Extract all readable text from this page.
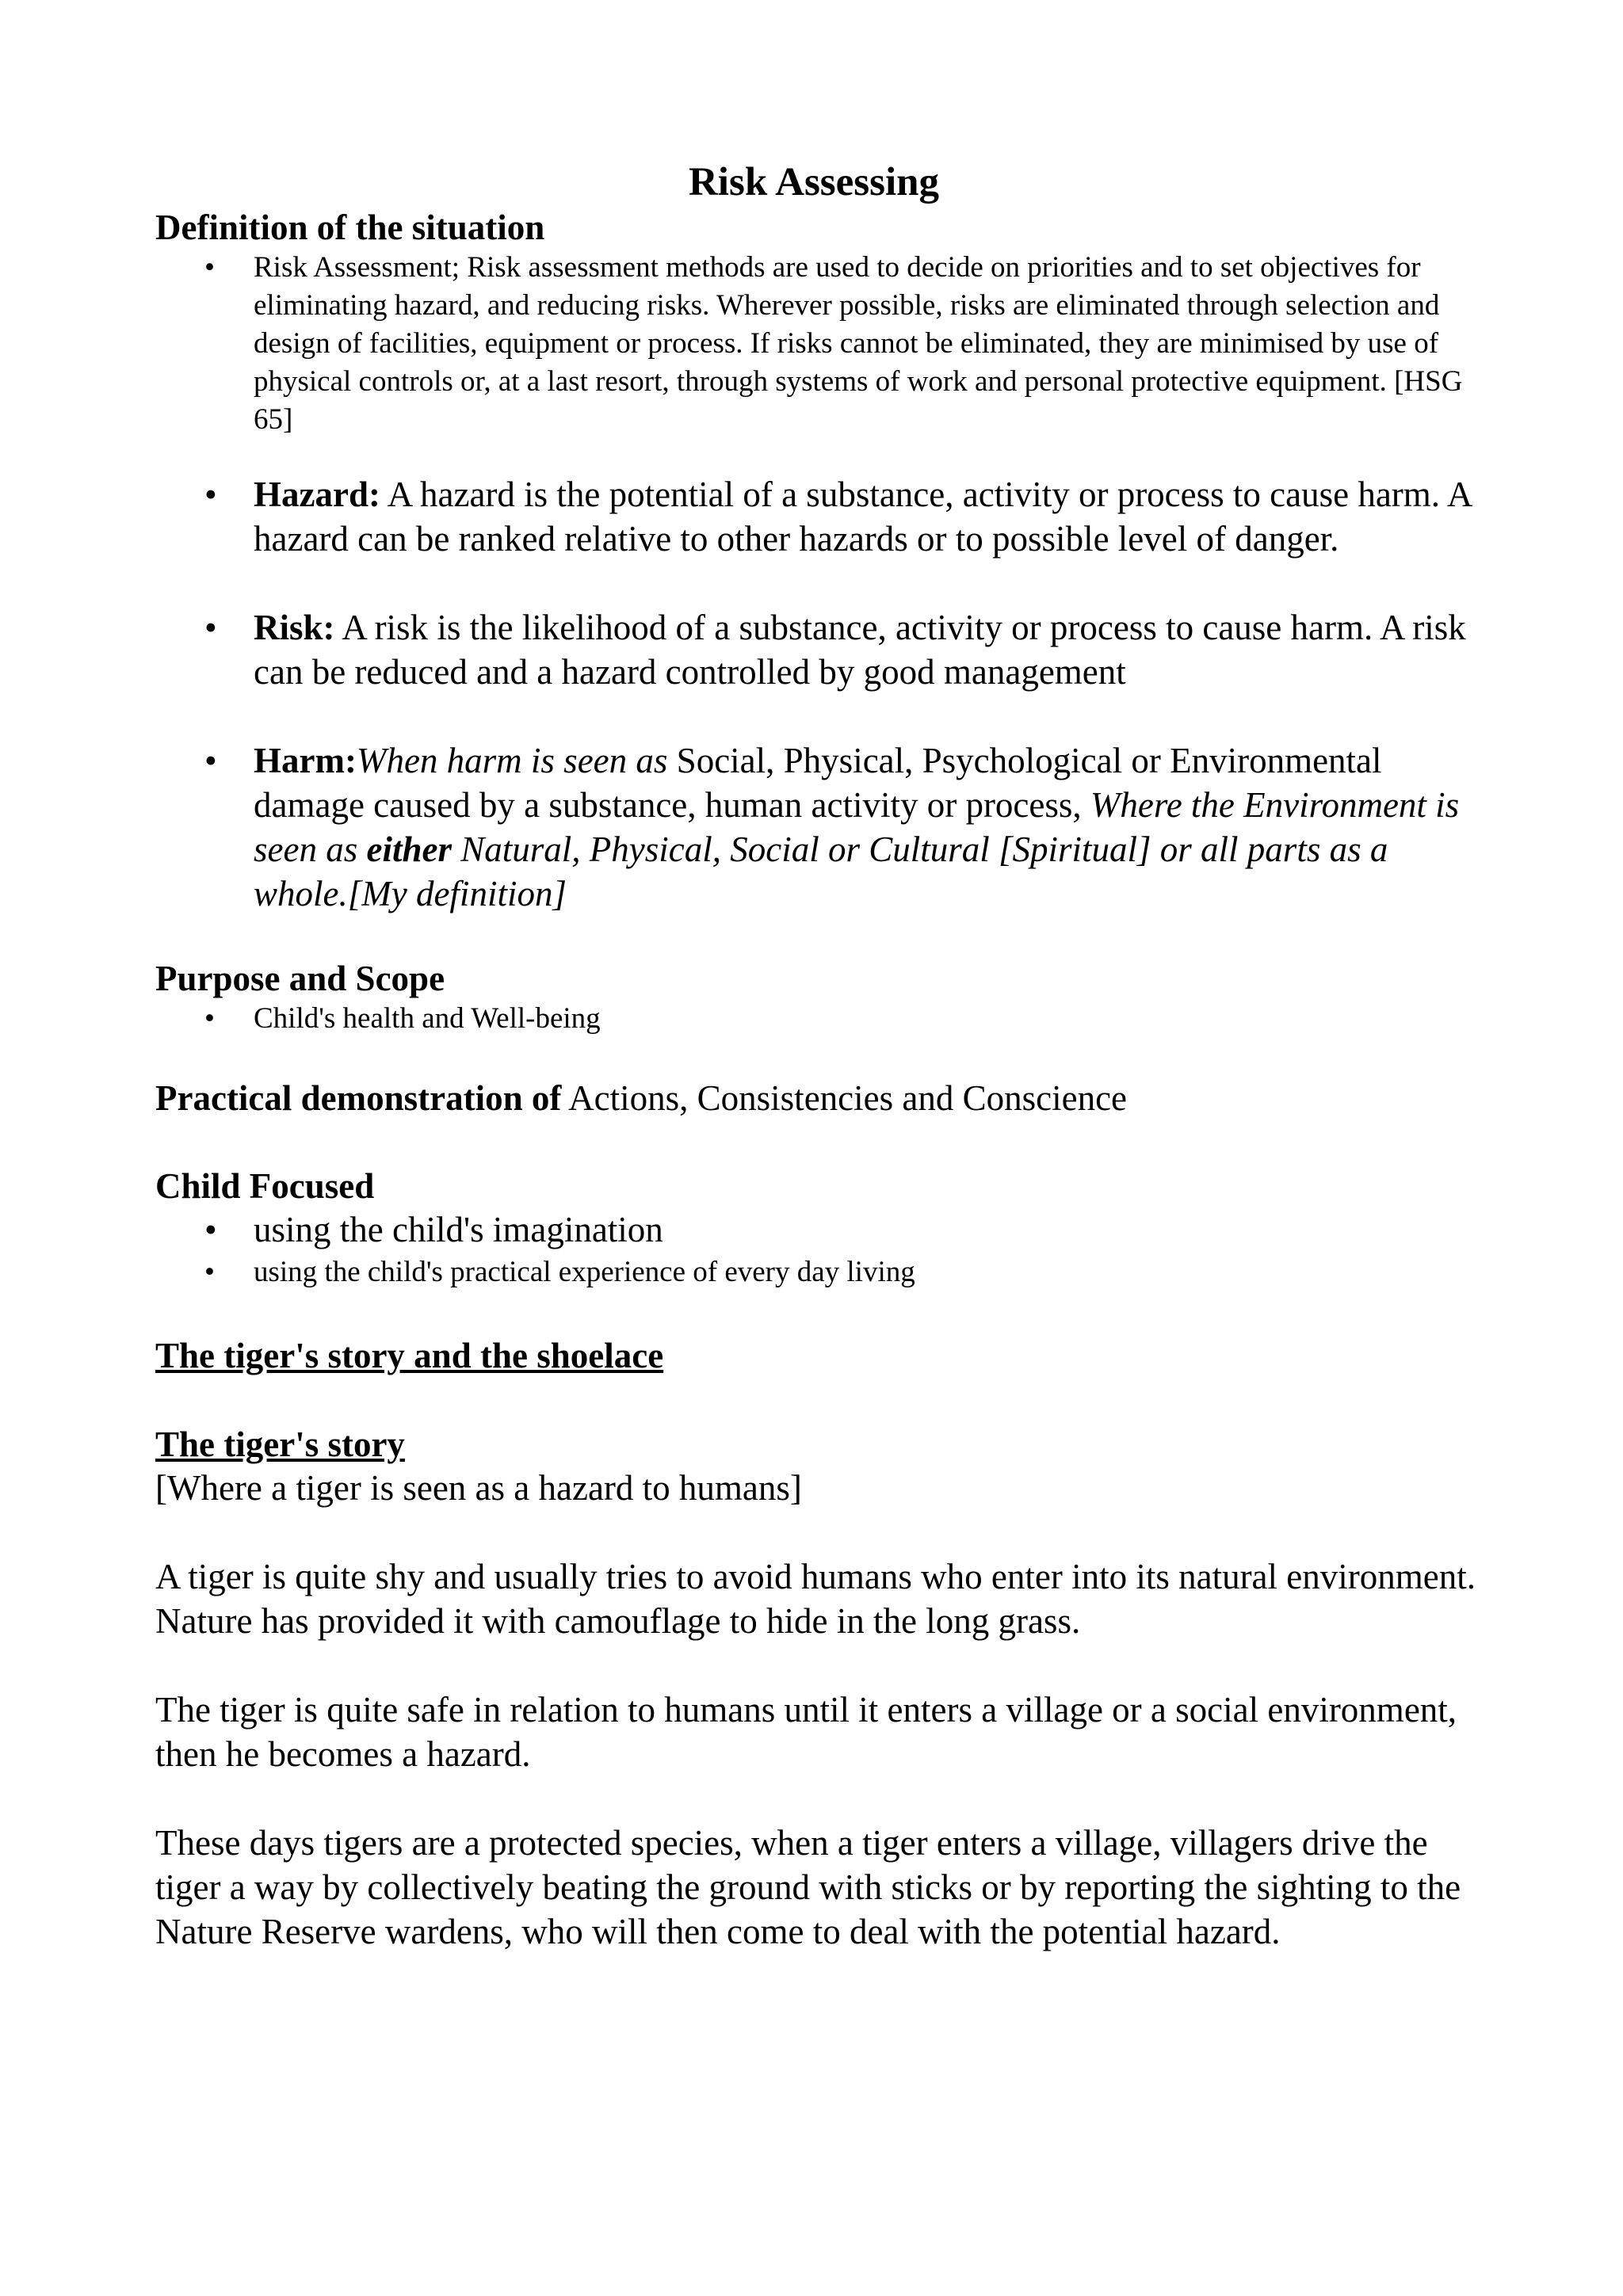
Risk Assessing
Definition of the situation
• Risk Assessment; Risk assessment methods are used to decide on priorities and to set objectives for eliminating hazard, and reducing risks. Wherever possible, risks are eliminated through selection and design of facilities, equipment or process. If risks cannot be eliminated, they are minimised by use of physical controls or, at a last resort, through systems of work and personal protective equipment. [HSG 65]
• Hazard: A hazard is the potential of a substance, activity or process to cause harm. A hazard can be ranked relative to other hazards or to possible level of danger.
• Risk: A risk is the likelihood of a substance, activity or process to cause harm. A risk can be reduced and a hazard controlled by good management
• Harm:When harm is seen as Social, Physical, Psychological or Environmental damage caused by a substance, human activity or process, Where the Environment is seen as either Natural, Physical, Social or Cultural [Spiritual] or all parts as a whole.[My definition]
Purpose and Scope
• Child's health and Well-being

Practical demonstration of Actions, Consistencies and Conscience

Child Focused
• using the child's imagination
• using the child's practical experience of every day living
The tiger's story and the shoelace
The tiger's story

[Where a tiger is seen as a hazard to humans]

A tiger is quite shy and usually tries to avoid humans who enter into its natural environment. Nature has provided it with camouflage to hide in the long grass.

The tiger is quite safe in relation to humans until it enters a village or a social environment, then he becomes a hazard.

These days tigers are a protected species, when a tiger enters a village, villagers drive the tiger a way by collectively beating the ground with sticks or by reporting the sighting to the Nature Reserve wardens, who will then come to deal with the potential hazard.
